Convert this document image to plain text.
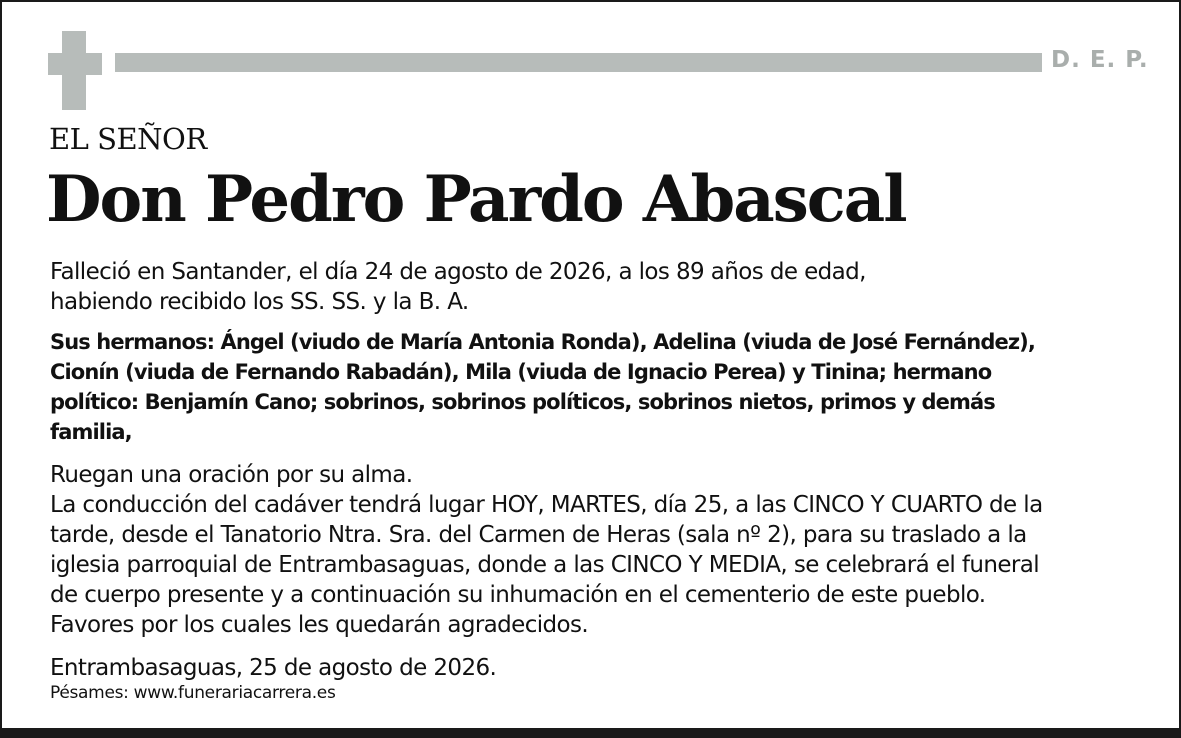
D. E. P.
EL SEÑOR
Don Pedro Pardo Abascal
Falleció en Santander, el día 24 de agosto de 2026, a los 89 años de edad,
habiendo recibido los SS. SS. y la B. A.
Sus hermanos: Ángel (viudo de María Antonia Ronda), Adelina (viuda de José Fernández),
Cionín (viuda de Fernando Rabadán), Mila (viuda de Ignacio Perea) y Tinina; hermano
político: Benjamín Cano; sobrinos, sobrinos políticos, sobrinos nietos, primos y demás
familia,
Ruegan una oración por su alma.
La conducción del cadáver tendrá lugar HOY, MARTES, día 25, a las CINCO Y CUARTO de la
tarde, desde el Tanatorio Ntra. Sra. del Carmen de Heras (sala nº 2), para su traslado a la
iglesia parroquial de Entrambasaguas, donde a las CINCO Y MEDIA, se celebrará el funeral
de cuerpo presente y a continuación su inhumación en el cementerio de este pueblo.
Favores por los cuales les quedarán agradecidos.
Entrambasaguas, 25 de agosto de 2026.
Pésames: www.funerariacarrera.es
